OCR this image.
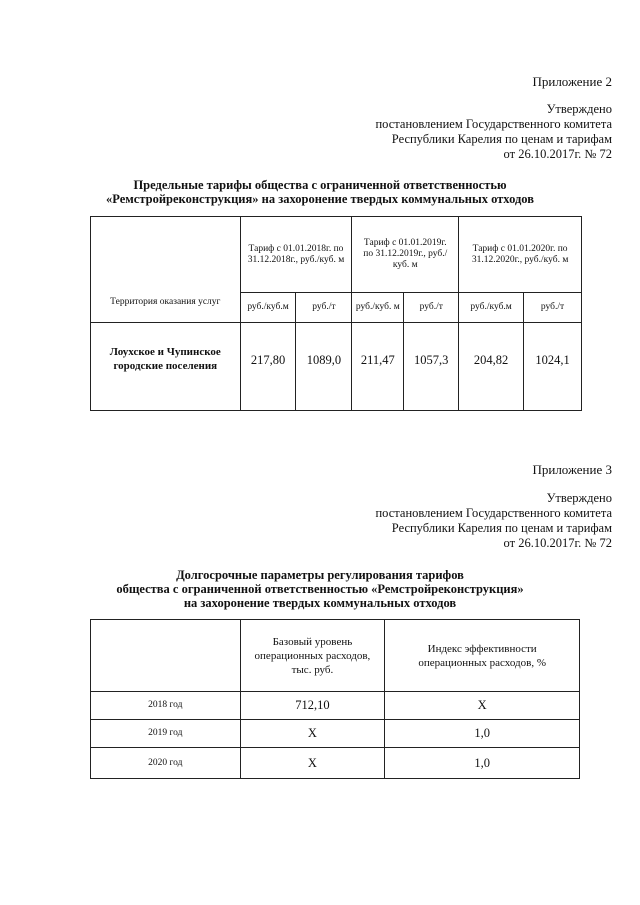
Приложение 2
Утверждено
постановлением Государственного комитета
Республики Карелия по ценам и тарифам
от 26.10.2017г. № 72
Предельные тарифы общества с ограниченной ответственностью
«Ремстройреконструкция» на захоронение твердых коммунальных отходов
Территория оказания услуг	Тариф с 01.01.2018г. по 31.12.2018г., руб./куб. м		Тариф с 01.01.2019г. по 31.12.2019г., руб./куб. м		Тариф с 01.01.2020г. по 31.12.2020г., руб./куб. м	
	руб./куб.м	руб./т	руб./куб. м	руб./т	руб./куб.м	руб./т
Лоухское и Чупинское городские поселения	217,80	1089,0	211,47	1057,3	204,82	1024,1
Приложение 3
Утверждено
постановлением Государственного комитета
Республики Карелия по ценам и тарифам
от 26.10.2017г. № 72
Долгосрочные параметры регулирования тарифов
общества с ограниченной ответственностью «Ремстройреконструкция»
на захоронение твердых коммунальных отходов
	Базовый уровень операционных расходов, тыс. руб.	Индекс эффективности операционных расходов, %
2018 год	712,10	X
2019 год	X	1,0
2020 год	X	1,0
